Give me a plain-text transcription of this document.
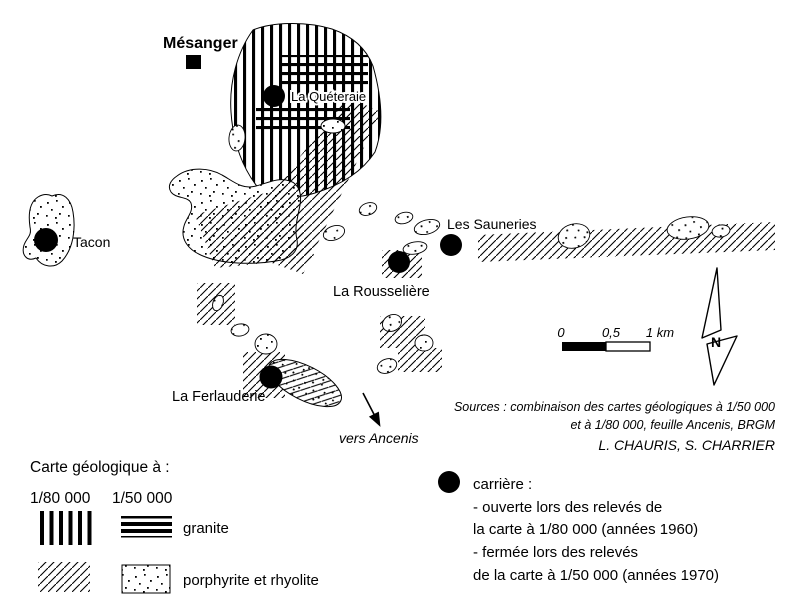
N
0	0,5 1 km
Mésanger
La Quéteraie
Tacon
Les Sauneries
La Rousselière
La Ferlauderie
vers Ancenis
Sources : combinaison des cartes géologiques à 1/50 000
et à 1/80 000, feuille Ancenis, BRGM
L. CHAURIS, S. CHARRIER
Carte géologique à :
1/80 000 1/50 000
granite
porphyrite et rhyolite
carrière :
- ouverte lors des relevés de
la carte à 1/80 000 (années 1960)
- fermée lors des relevés
de la carte à 1/50 000 (années 1970)
